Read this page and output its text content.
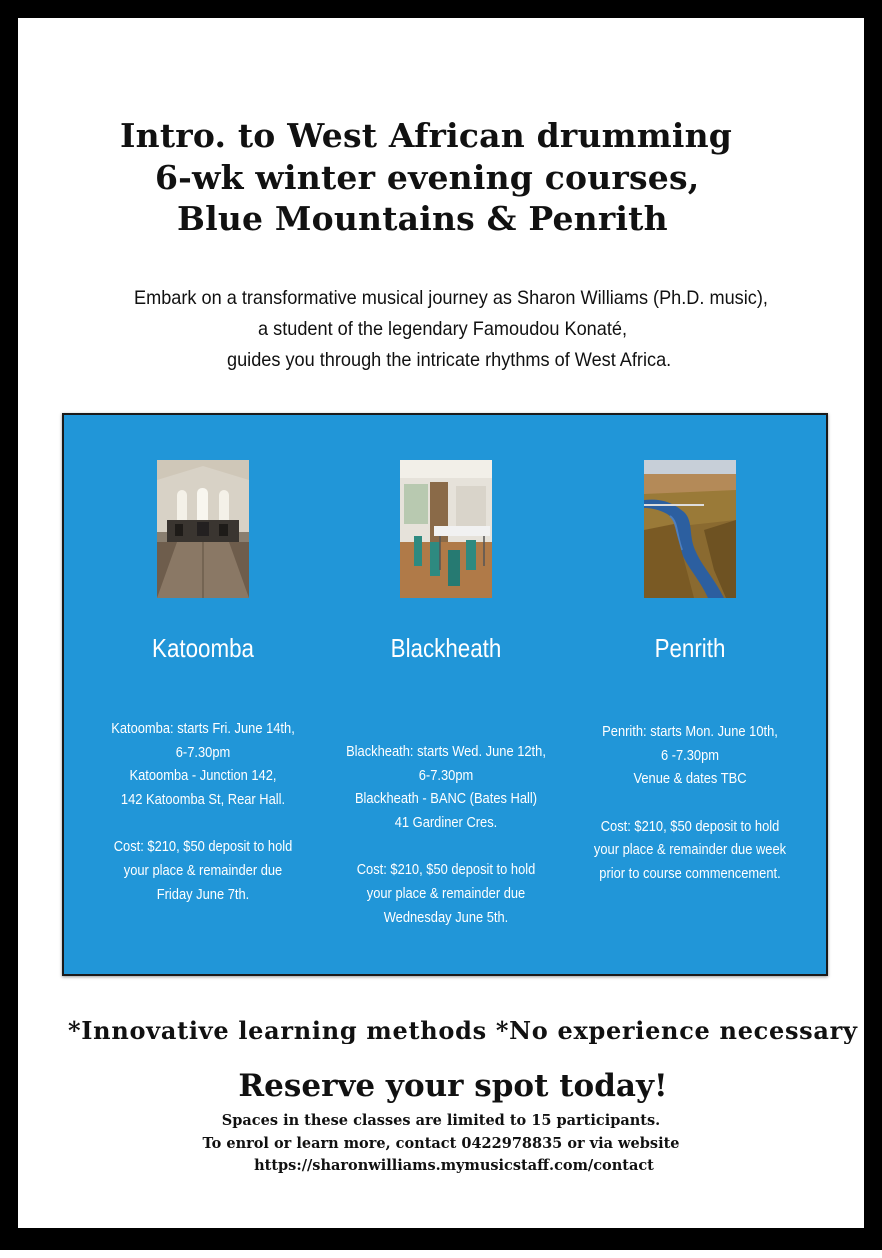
Intro. to West African drumming
6-wk winter evening courses,
Blue Mountains & Penrith
Embark on a transformative musical journey as Sharon Williams (Ph.D. music),
a student of the legendary Famoudou Konaté,
guides you through the intricate rhythms of West Africa.
Katoomba

Katoomba: starts Fri. June 14th,

6-7.30pm

Katoomba - Junction 142,

142 Katoomba St, Rear Hall.

Cost: $210, $50 deposit to hold

your place & remainder due

Friday June 7th.

Blackheath

Blackheath: starts Wed. June 12th,

6-7.30pm

Blackheath - BANC (Bates Hall)

41 Gardiner Cres.

Cost: $210, $50 deposit to hold

your place & remainder due

Wednesday June 5th.

Penrith

Penrith: starts Mon. June 10th,

6 -7.30pm

Venue & dates TBC

Cost: $210, $50 deposit to hold

your place & remainder due week

prior to course commencement.

*Innovative learning methods *No experience necessary
Reserve your spot today!
Spaces in these classes are limited to 15 participants.
To enrol or learn more, contact 0422978835 or via website
https://sharonwilliams.mymusicstaff.com/contact
